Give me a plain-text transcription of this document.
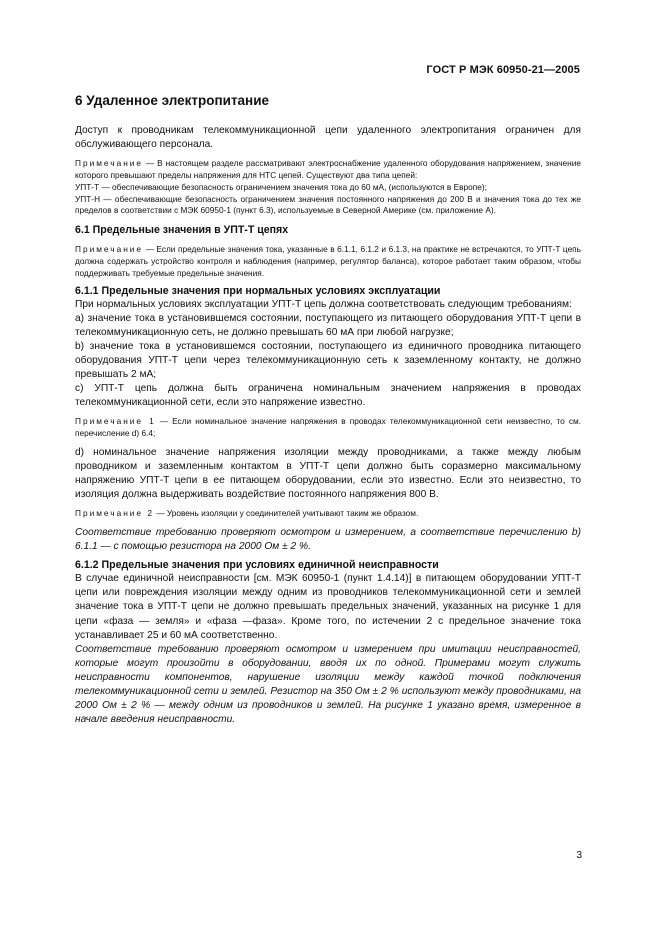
ГОСТ Р МЭК 60950-21—2005
6 Удаленное электропитание

Доступ к проводникам телекоммуникационной цепи удаленного электропитания ограничен для обслуживающего персонала.

Примечание — В настоящем разделе рассматривают электроснабжение удаленного оборудования напряжением, значение которого превышают пределы напряжения для НТС цепей. Существуют два типа цепей:

УПТ-Т — обеспечивающие безопасность ограничением значения тока до 60 мА, (используются в Европе);

УПТ-Н — обеспечивающие безопасность ограничением значения постоянного напряжения до 200 В и значения тока до тех же пределов в соответствии с МЭК 60950-1 (пункт 6.3), используемые в Северной Америке (см. приложение А).

6.1 Предельные значения в УПТ-Т цепях

Примечание — Если предельные значения тока, указанные в 6.1.1, 6.1.2 и 6.1.3, на практике не встречаются, то УПТ-Т цепь должна содержать устройство контроля и наблюдения (например, регулятор баланса), которое работает таким образом, чтобы поддерживать требуемые предельные значения.

6.1.1 Предельные значения при нормальных условиях эксплуатации

При нормальных условиях эксплуатации УПТ-Т цепь должна соответствовать следующим требованиям:

a) значение тока в установившемся состоянии, поступающего из питающего оборудования УПТ-Т цепи в телекоммуникационную сеть, не должно превышать 60 мА при любой нагрузке;

b) значение тока в установившемся состоянии, поступающего из единичного проводника питающего оборудования УПТ-Т цепи через телекоммуникационную сеть к заземленному контакту, не должно превышать 2 мА;

c) УПТ-Т цепь должна быть ограничена номинальным значением напряжения в проводах телекоммуникационной сети, если это напряжение известно.

Примечание 1 — Если номинальное значение напряжения в проводах телекоммуникационной сети неизвестно, то см. перечисление d) 6.4;

d) номинальное значение напряжения изоляции между проводниками, а также между любым проводником и заземленным контактом в УПТ-Т цепи должно быть соразмерно максимальному напряжению УПТ-Т цепи в ее питающем оборудовании, если это известно. Если это неизвестно, то изоляция должна выдерживать воздействие постоянного напряжения 800 В.

Примечание 2 — Уровень изоляции у соединителей учитывают таким же образом.

Соответствие требованию проверяют осмотром и измерением, а соответствие перечислению b) 6.1.1 — с помощью резистора на 2000 Ом ± 2 %.

6.1.2 Предельные значения при условиях единичной неисправности

В случае единичной неисправности [см. МЭК 60950-1 (пункт 1.4.14)] в питающем оборудовании УПТ-Т цепи или повреждения изоляции между одним из проводников телекоммуникационной сети и землей значение тока в УПТ-Т цепи не должно превышать предельных значений, указанных на рисунке 1 для цепи «фаза — земля» и «фаза —фаза». Кроме того, по истечении 2 с предельное значение тока устанавливает 25 и 60 мА соответственно.

Соответствие требованию проверяют осмотром и измерением при имитации неисправностей, которые могут произойти в оборудовании, вводя их по одной. Примерами могут служить неисправности компонентов, нарушение изоляции между каждой точкой подключения телекоммуникационной сети и землей. Резистор на 350 Ом ± 2 % используют между проводниками, на 2000 Ом ± 2 % — между одним из проводников и землей. На рисунке 1 указано время, измеренное в начале введения неисправности.

3
